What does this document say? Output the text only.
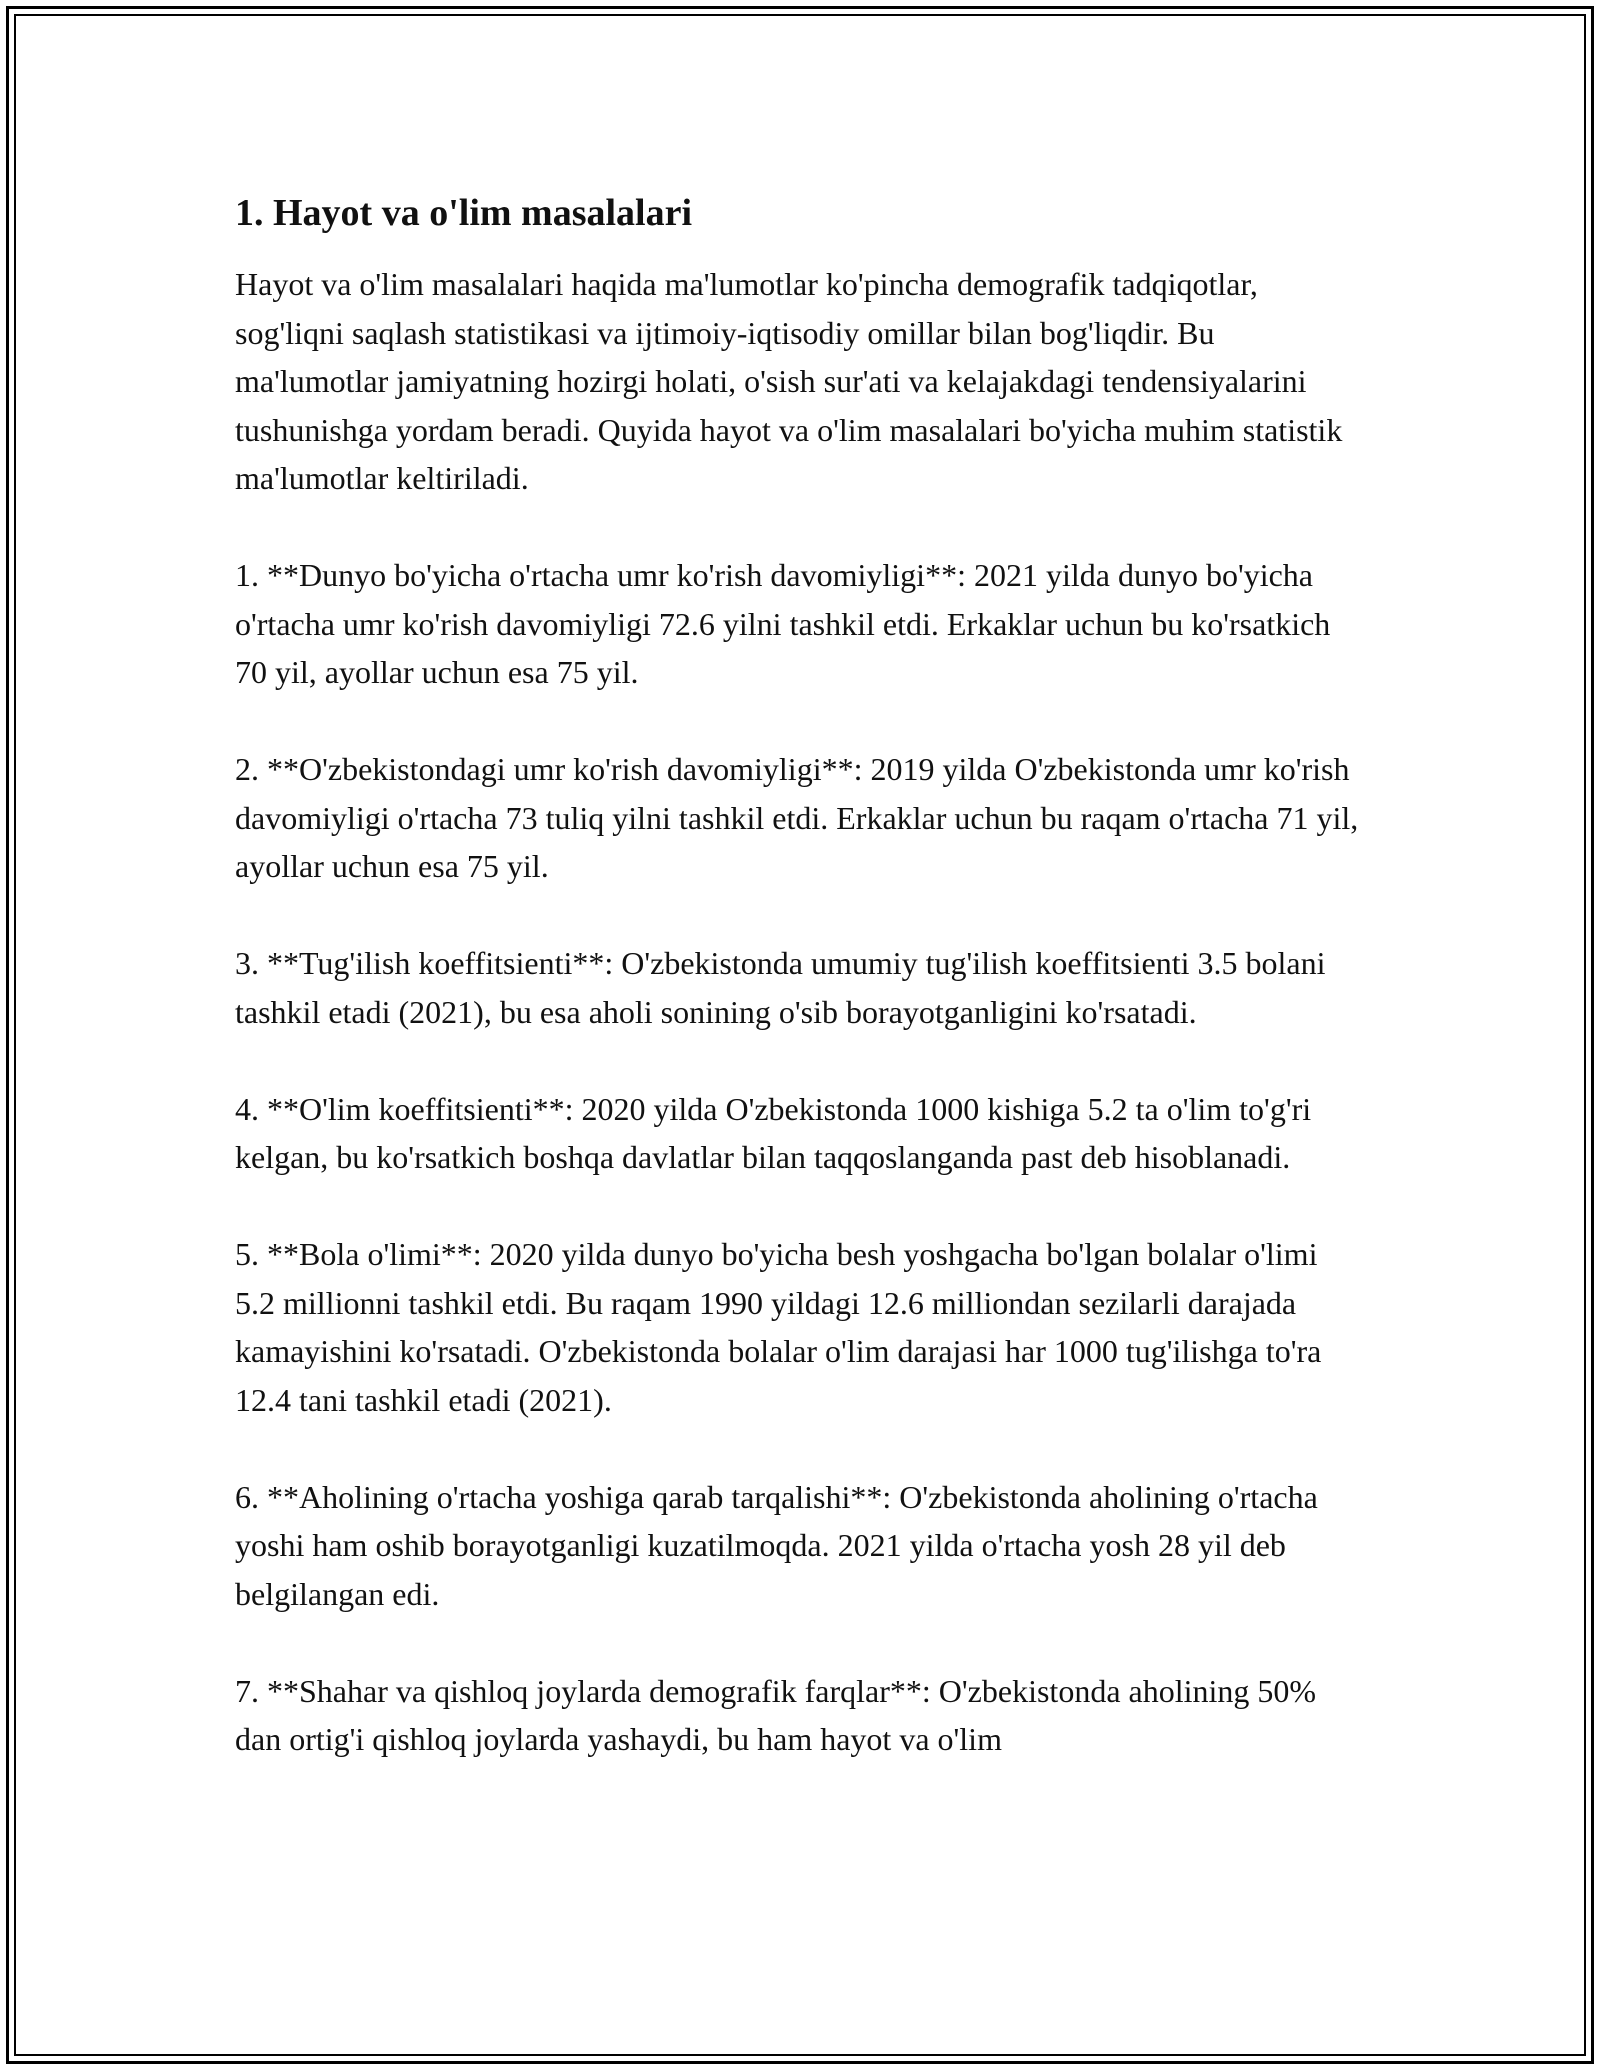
1. Hayot va o'lim masalalari

Hayot va o'lim masalalari haqida ma'lumotlar ko'pincha demografik tadqiqotlar, sog'liqni saqlash statistikasi va ijtimoiy-iqtisodiy omillar bilan bog'liqdir. Bu ma'lumotlar jamiyatning hozirgi holati, o'sish sur'ati va kelajakdagi tendensiyalarini tushunishga yordam beradi. Quyida hayot va o'lim masalalari bo'yicha muhim statistik ma'lumotlar keltiriladi.

1. **Dunyo bo'yicha o'rtacha umr ko'rish davomiyligi**: 2021 yilda dunyo bo'yicha o'rtacha umr ko'rish davomiyligi 72.6 yilni tashkil etdi. Erkaklar uchun bu ko'rsatkich 70 yil, ayollar uchun esa 75 yil.

2. **O'zbekistondagi umr ko'rish davomiyligi**: 2019 yilda O'zbekistonda umr ko'rish davomiyligi o'rtacha 73 tuliq yilni tashkil etdi. Erkaklar uchun bu raqam o'rtacha 71 yil, ayollar uchun esa 75 yil.

3. **Tug'ilish koeffitsienti**: O'zbekistonda umumiy tug'ilish koeffitsienti 3.5 bolani tashkil etadi (2021), bu esa aholi sonining o'sib borayotganligini ko'rsatadi.

4. **O'lim koeffitsienti**: 2020 yilda O'zbekistonda 1000 kishiga 5.2 ta o'lim to'g'ri kelgan, bu ko'rsatkich boshqa davlatlar bilan taqqoslanganda past deb hisoblanadi.

5. **Bola o'limi**: 2020 yilda dunyo bo'yicha besh yoshgacha bo'lgan bolalar o'limi 5.2 millionni tashkil etdi. Bu raqam 1990 yildagi 12.6 milliondan sezilarli darajada kamayishini ko'rsatadi. O'zbekistonda bolalar o'lim darajasi har 1000 tug'ilishga to'ra 12.4 tani tashkil etadi (2021).

6. **Aholining o'rtacha yoshiga qarab tarqalishi**: O'zbekistonda aholining o'rtacha yoshi ham oshib borayotganligi kuzatilmoqda. 2021 yilda o'rtacha yosh 28 yil deb belgilangan edi.

7. **Shahar va qishloq joylarda demografik farqlar**: O'zbekistonda aholining 50% dan ortig'i qishloq joylarda yashaydi, bu ham hayot va o'lim
